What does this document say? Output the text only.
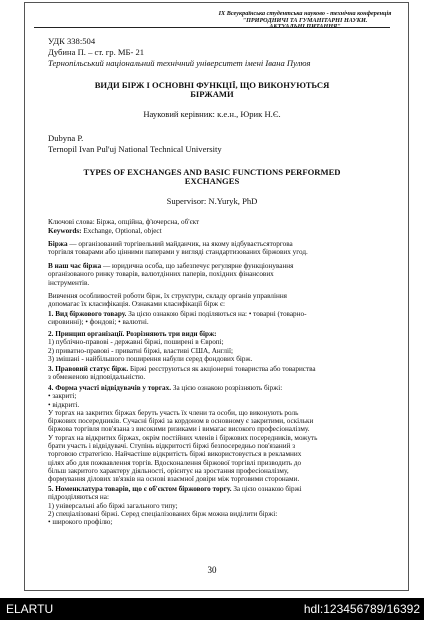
IX Всеукраїнська студентська науково - технічна конференція "ПРИРОДНИЧІ ТА ГУМАНІТАРНІ НАУКИ.
АКТУАЛЬНІ ПИТАННЯ"
УДК 338:504
Дубина П. – ст. гр. МБ- 21
Тернопільський національний технічний університет імені Івана Пулюя
ВИДИ БІРЖ І ОСНОВНІ ФУНКЦІЇ, ЩО ВИКОНУЮТЬСЯ
БІРЖАМИ
Науковий керівник: к.е.н., Юрик Н.Є.
Dubyna P.
Ternopil Ivan Pul'uj National Technical University
TYPES OF EXCHANGES AND BASIC FUNCTIONS PERFORMED
EXCHANGES
Supervisor: N.Yuryk, PhD
Ключові слова: Біржа, опційна, ф'ючерсна, об'єкт
Keywords: Exchange, Optional, object
Біржа — організований торгівельний майданчик, на якому відбуваєтьсяторгова
торгівля товарами або цінними паперами у вигляді стандартизованих біржових угод.
В наш час біржа — юридична особа, що забезпечує регулярне функціонування
організованого ринку товарів, валютдінних паперів, похідних фінансових
інструментів.
Вивчення особливостей роботи бірж, їх структури, складу органів управління
допомагає їх класифікація. Ознаками класифікації бірж є:
1. Вид біржового товару. За цією ознакою біржі поділяються на: • товарні (товарно-
сировинні); • фондові; • валютні.
2. Принцип організації. Розрізняють три види бірж:
1) публічно-правові - державні біржі, поширені в Європі;
2) приватно-правові - приватні біржі, властиві США, Англії;
3) змішані - найбільшого поширення набули серед фондових бірж.
3. Правовий статус бірж. Біржі реєструються як акціонерні товариства або товариства
з обмеженою відповідальністю.
4. Форма участі відвідувачів у торгах. За цією ознакою розрізняють біржі:
• закриті;
• відкриті.
У торгах на закритих біржах беруть участь їх члени та особи, що виконують роль
біржових посередників. Сучасні біржі за кордоном в основному є закритими, оскільки
біржова торгівля пов'язана з високими ризиками і вимагає високого професіоналізму.
У торгах на відкритих біржах, окрім постійних членів і біржових посередників, можуть
брати участь і відвідувачі. Ступінь відкритості біржі безпосередньо пов'язаний з
торговою стратегією. Найчастіше відкритість біржі використовується в рекламних
цілях або для пожвавлення торгів. Вдосконалення біржової торгівлі призводить до
більш закритого характеру діяльності, орієнтує на зростання професіоналізму,
формування ділових зв'язків на основі взаємної довіри між торговими сторонами.
5. Номенклатура товарів, що є об'єктом біржового торгу. За цією ознакою біржі
підрозділяються на:
1) універсальні або біржі загального типу;
2) спеціалізовані біржі. Серед спеціалізованих бірж можна виділити біржі:
• широкого профілю;
30
ELARTU	hdl:123456789/16392
